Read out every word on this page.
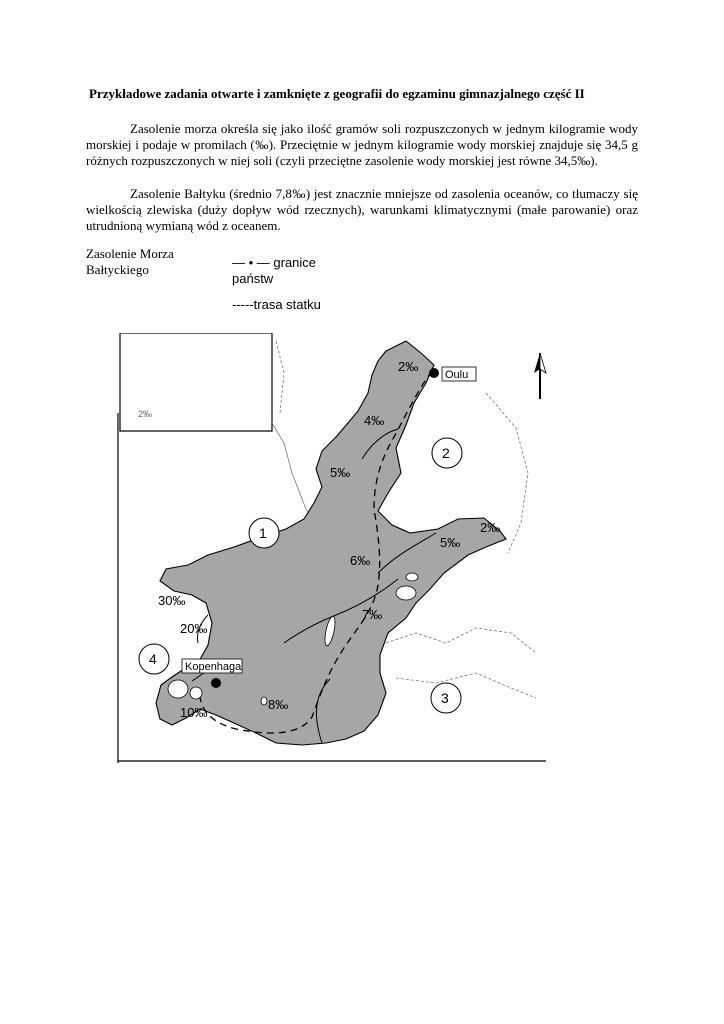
Przykładowe zadania otwarte i zamknięte z geografii do egzaminu gimnazjalnego część II

Zasolenie morza określa się jako ilość gramów soli rozpuszczonych w jednym kilogramie wody morskiej i podaje w promilach (‰). Przeciętnie w jednym kilogramie wody morskiej znajduje się 34,5 g różnych rozpuszczonych w niej soli (czyli przeciętne zasolenie wody morskiej jest równe 34,5‰).

Zasolenie Bałtyku (średnio 7,8‰) jest znacznie mniejsze od zasolenia oceanów, co tłumaczy się wielkością zlewiska (duży dopływ wód rzecznych), warunkami klimatycznymi (małe parowanie) oraz utrudnioną wymianą wód z oceanem.

Zasolenie Morza Bałtyckiego	— • — granice państw
-----trasa statku
2‰
2‰
4‰
5‰
5‰
2‰
6‰
7‰
30‰
20‰
10‰
8‰
Oulu
Kopenhaga
1
2
3
4
